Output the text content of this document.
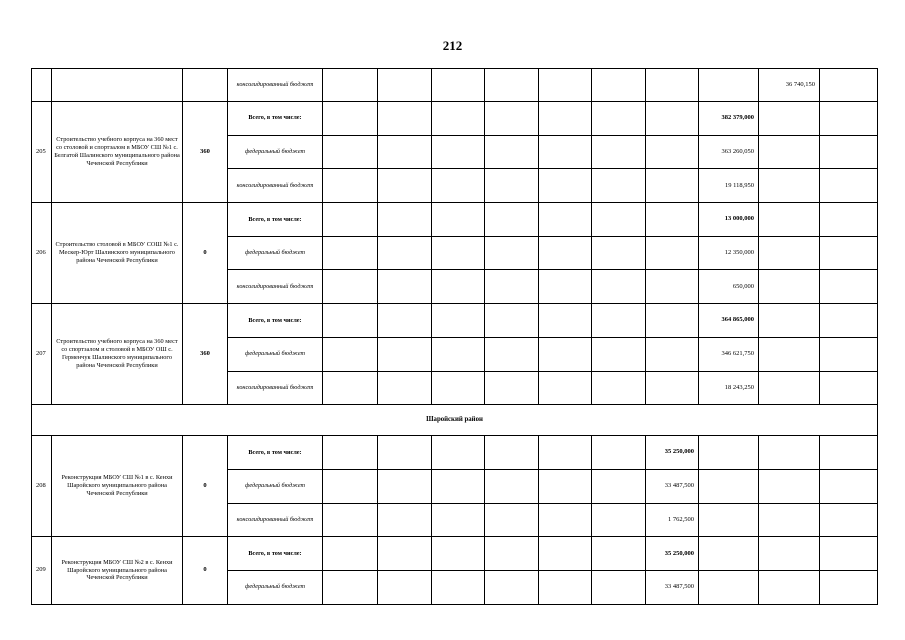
212
			консолидированный бюджет									36 740,150	
205	Строительство учебного корпуса на 360 мест со столовой и спортзалом в МБОУ СШ №1 с. Белгатой Шалинского муниципального района Чеченской Республики	360	Всего, в том числе:								382 379,000		
			федеральный бюджет								363 260,050		
			консолидированный бюджет								19 118,950		
206	Строительство столовой в МБОУ СОШ №1 с. Мескер-Юрт Шалинского муниципального района Чеченской Республики	0	Всего, в том числе:								13 000,000		
			федеральный бюджет								12 350,000		
			консолидированный бюджет								650,000		
207	Строительство учебного корпуса на 360 мест со спортзалом и столовой в МБОУ ОШ с. Герменчук Шалинского муниципального района Чеченской Республики	360	Всего, в том числе:								364 865,000		
			федеральный бюджет								346 621,750		
			консолидированный бюджет								18 243,250		
Шаройский район													
208	Реконструкция МБОУ СШ №1 в с. Кенхи Шаройского муниципального района Чеченской Республики	0	Всего, в том числе:							35 250,000			
			федеральный бюджет							33 487,500			
			консолидированный бюджет							1 762,500			
209	Реконструкция МБОУ СШ №2 в с. Кенхи Шаройского муниципального района Чеченской Республики	0	Всего, в том числе:							35 250,000			
			федеральный бюджет							33 487,500			
